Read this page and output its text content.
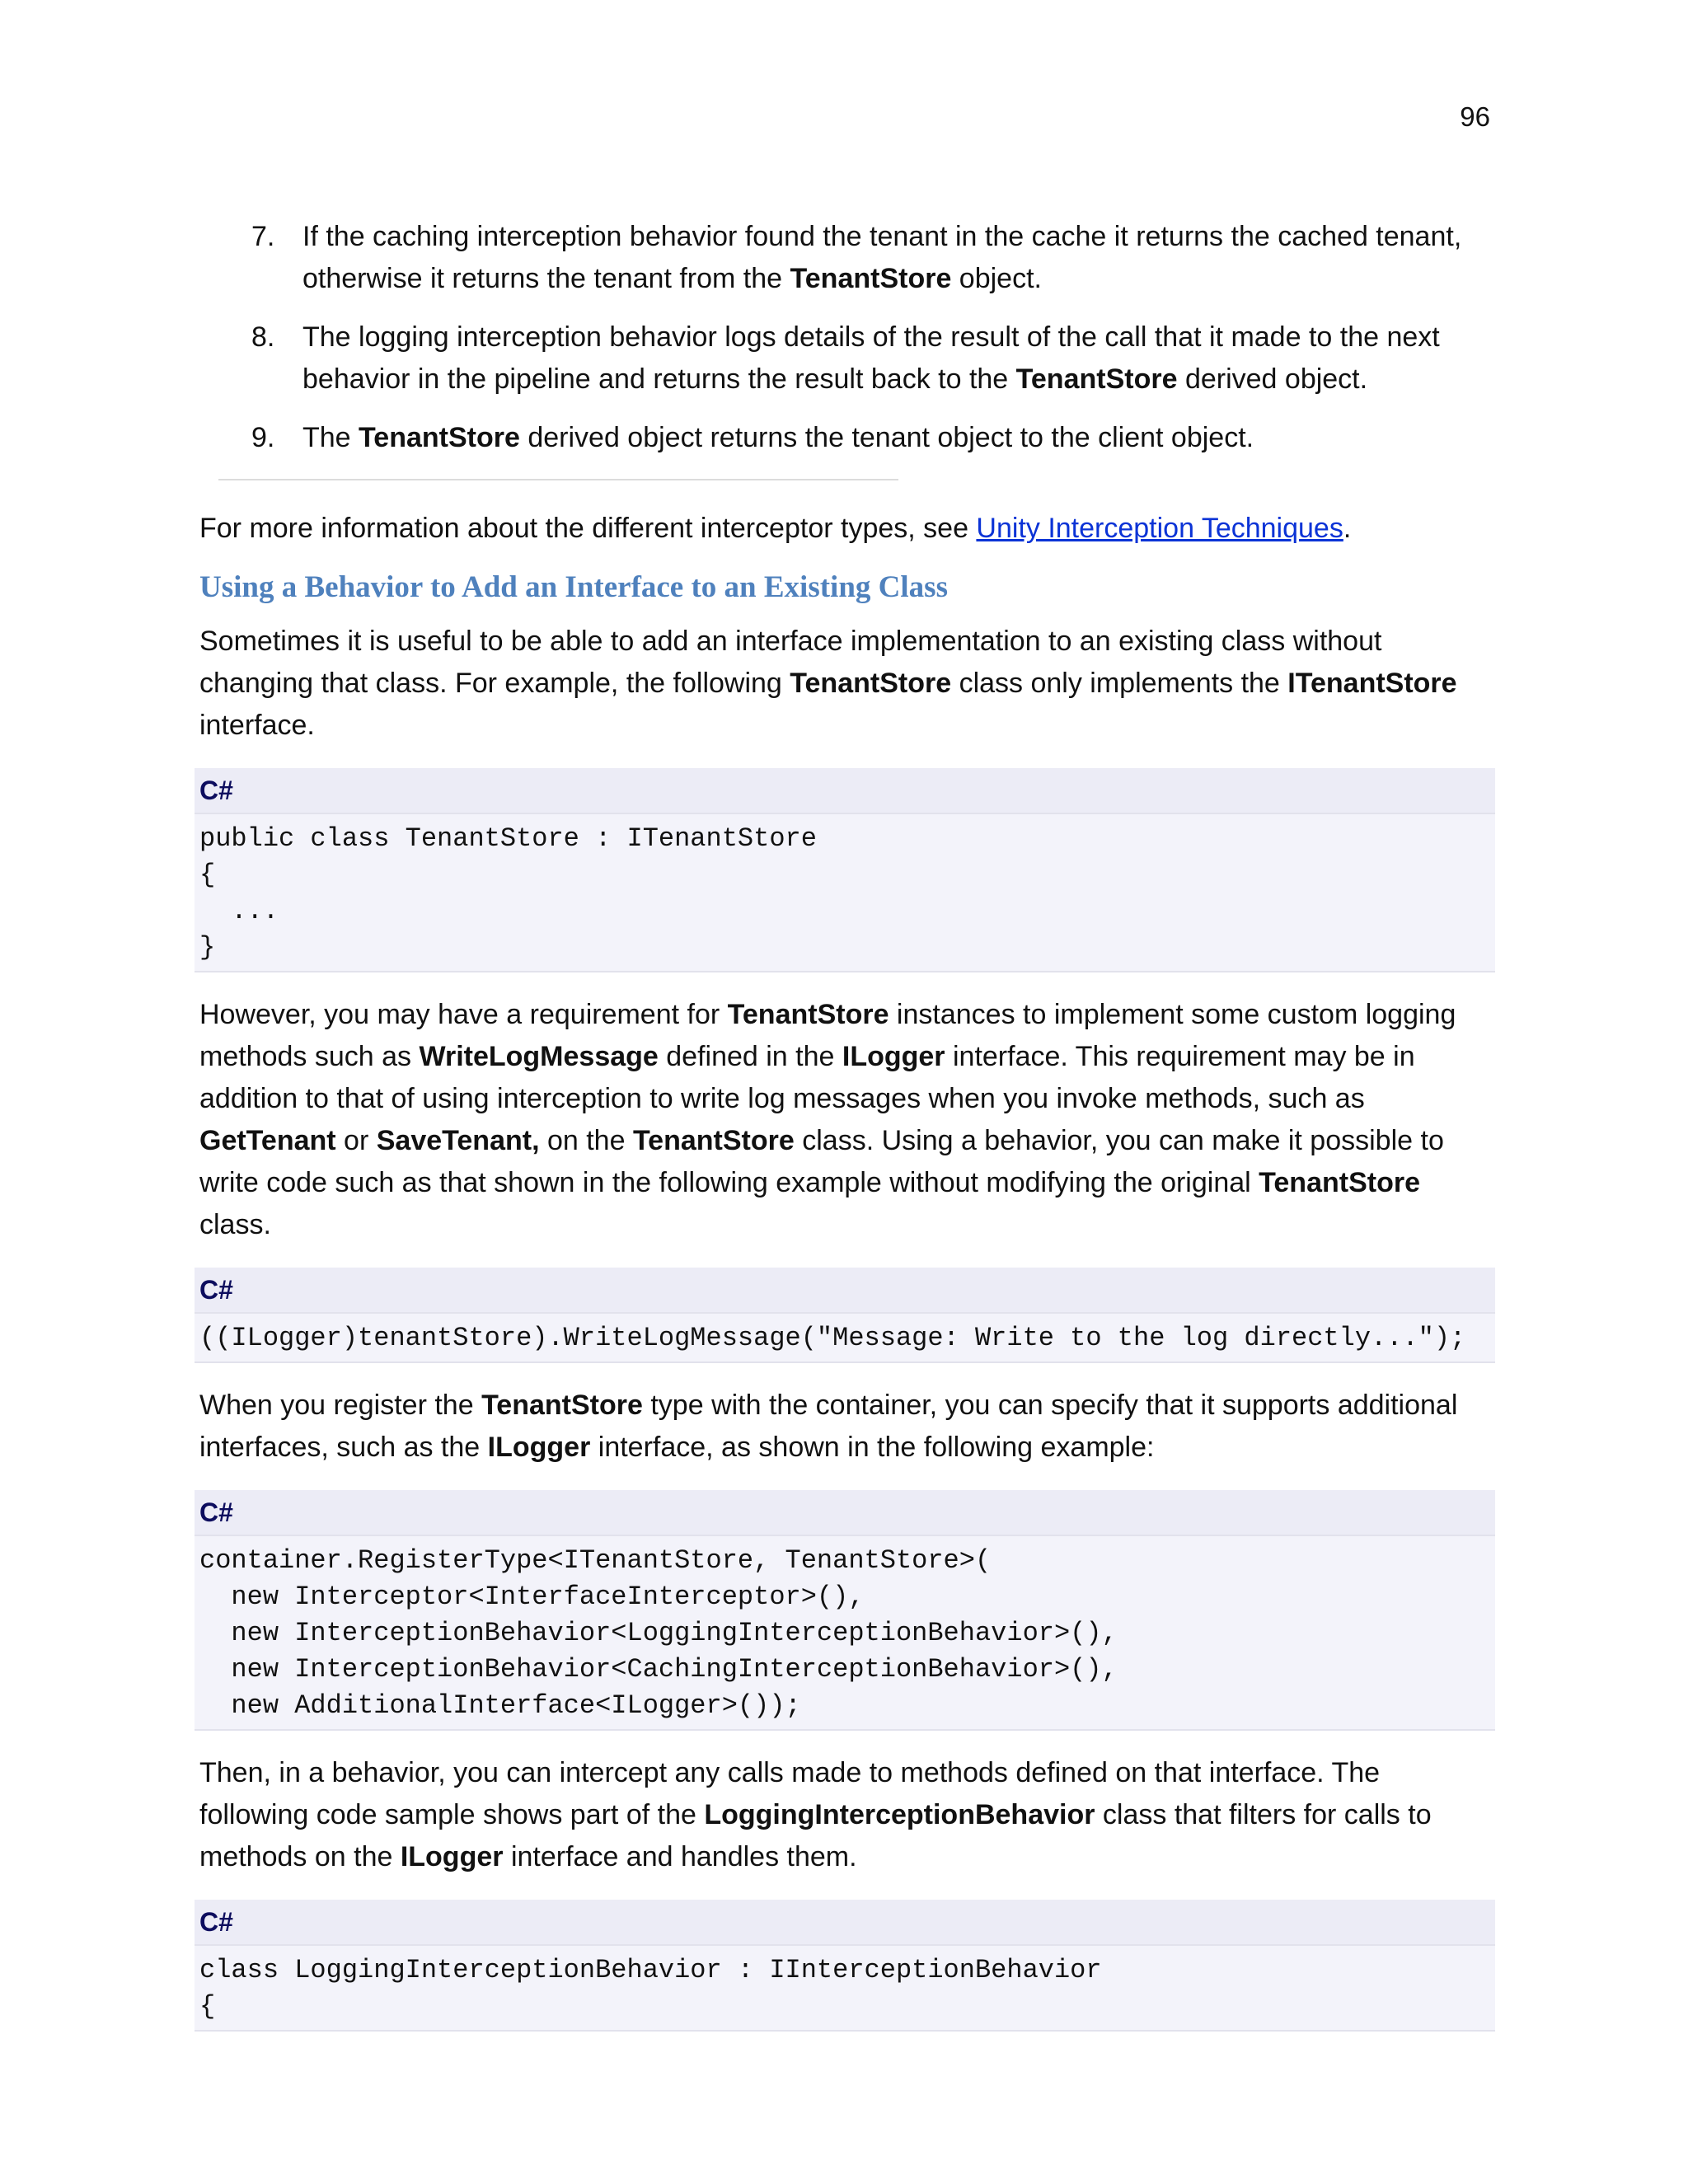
96
7. If the caching interception behavior found the tenant in the cache it returns the cached tenant, otherwise it returns the tenant from the TenantStore object.
8. The logging interception behavior logs details of the result of the call that it made to the next behavior in the pipeline and returns the result back to the TenantStore derived object.
9. The TenantStore derived object returns the tenant object to the client object.

For more information about the different interceptor types, see Unity Interception Techniques.

Using a Behavior to Add an Interface to an Existing Class

Sometimes it is useful to be able to add an interface implementation to an existing class without changing that class. For example, the following TenantStore class only implements the ITenantStore interface.

C#
public class TenantStore : ITenantStore
{
...
}

However, you may have a requirement for TenantStore instances to implement some custom logging methods such as WriteLogMessage defined in the ILogger interface. This requirement may be in addition to that of using interception to write log messages when you invoke methods, such as GetTenant or SaveTenant, on the TenantStore class. Using a behavior, you can make it possible to write code such as that shown in the following example without modifying the original TenantStore class.

C#
((ILogger)tenantStore).WriteLogMessage("Message: Write to the log directly...");

When you register the TenantStore type with the container, you can specify that it supports additional interfaces, such as the ILogger interface, as shown in the following example:

C#
container.RegisterType<ITenantStore, TenantStore>(
new Interceptor<InterfaceInterceptor>(),
new InterceptionBehavior<LoggingInterceptionBehavior>(),
new InterceptionBehavior<CachingInterceptionBehavior>(),
new AdditionalInterface<ILogger>());

Then, in a behavior, you can intercept any calls made to methods defined on that interface. The following code sample shows part of the LoggingInterceptionBehavior class that filters for calls to methods on the ILogger interface and handles them.

C#
class LoggingInterceptionBehavior : IInterceptionBehavior
{
